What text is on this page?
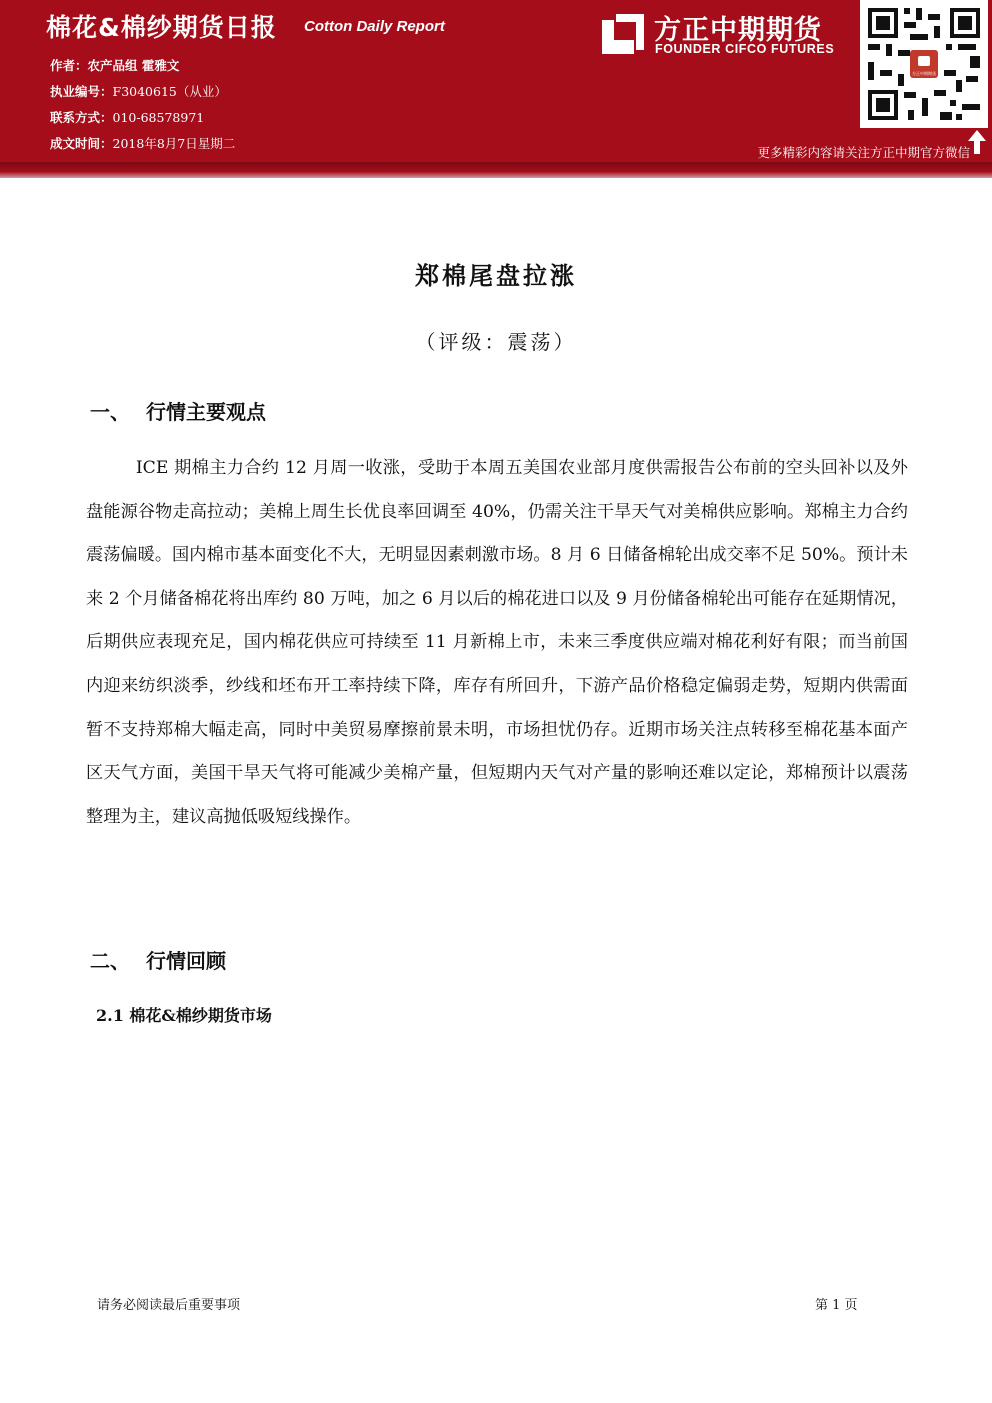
棉花&棉纱期货日报 Cotton Daily Report
作者：农产品组 霍雅文
执业编号：F3040615（从业）
联系方式：010-68578971
成文时间：2018年8月7日星期二
方正中期期货
FOUNDER CIFCO FUTURES
方正中期期货
更多精彩内容请关注方正中期官方微信
郑棉尾盘拉涨
（评级：震荡）
一、 行情主要观点

ICE 期棉主力合约 12 月周一收涨，受助于本周五美国农业部月度供需报告公布前的空头回补以及外盘能源谷物走高拉动；美棉上周生长优良率回调至 40%，仍需关注干旱天气对美棉供应影响。郑棉主力合约震荡偏暖。国内棉市基本面变化不大，无明显因素刺激市场。8 月 6 日储备棉轮出成交率不足 50%。预计未来 2 个月储备棉花将出库约 80 万吨，加之 6 月以后的棉花进口以及 9 月份储备棉轮出可能存在延期情况，后期供应表现充足，国内棉花供应可持续至 11 月新棉上市，未来三季度供应端对棉花利好有限；而当前国内迎来纺织淡季，纱线和坯布开工率持续下降，库存有所回升，下游产品价格稳定偏弱走势，短期内供需面暂不支持郑棉大幅走高，同时中美贸易摩擦前景未明，市场担忧仍存。近期市场关注点转移至棉花基本面产区天气方面，美国干旱天气将可能减少美棉产量，但短期内天气对产量的影响还难以定论，郑棉预计以震荡整理为主，建议高抛低吸短线操作。

二、 行情回顾
2.1 棉花&棉纱期货市场
请务必阅读最后重要事项	第 1 页
